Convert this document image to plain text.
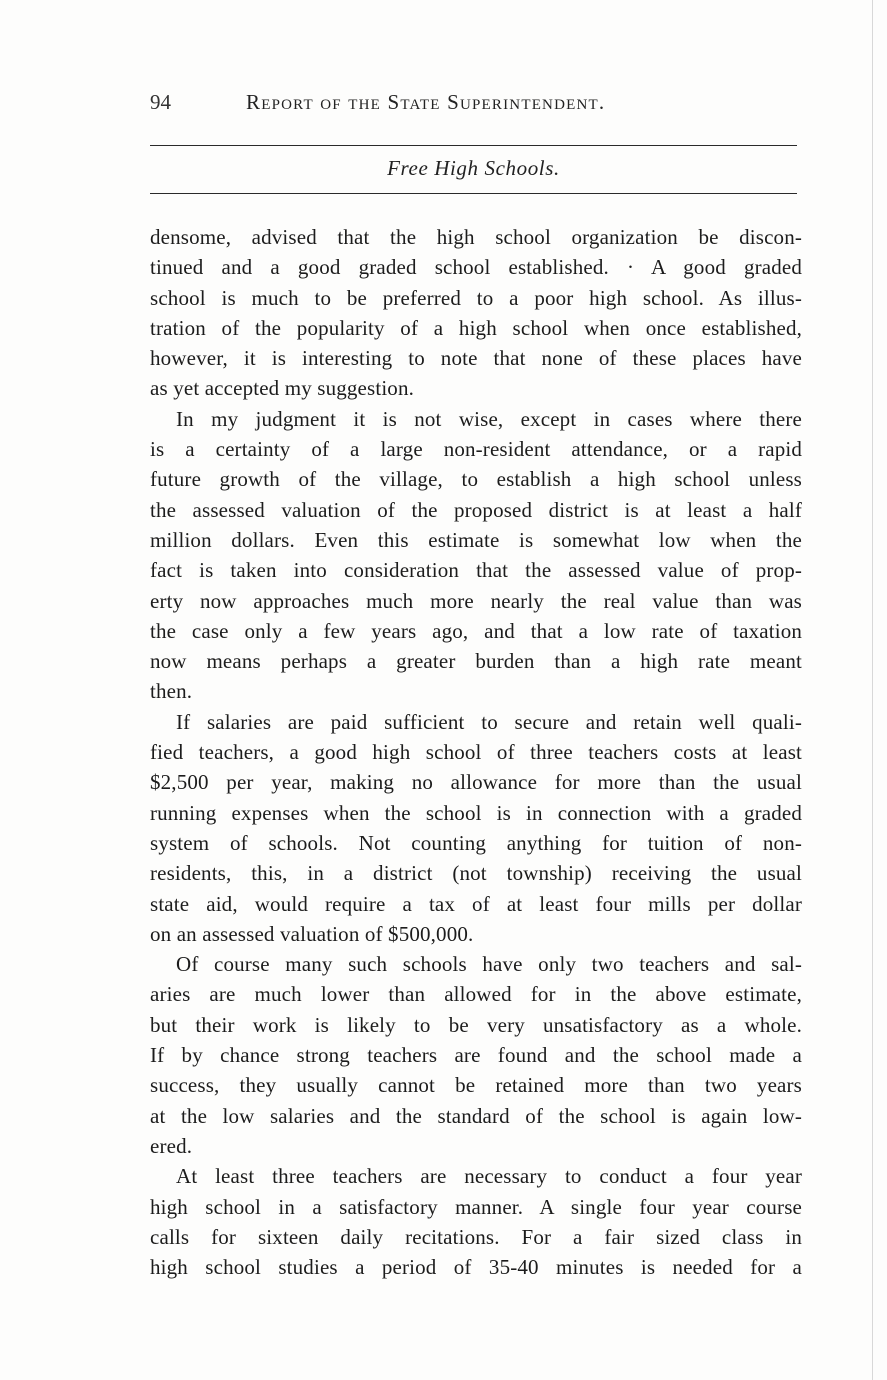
94	Report of the State Superintendent.
Free High Schools.
densome, advised that the high school organization be discon-
tinued and a good graded school established. · A good graded
school is much to be preferred to a poor high school. As illus-
tration of the popularity of a high school when once established,
however, it is interesting to note that none of these places have
as yet accepted my suggestion.
In my judgment it is not wise, except in cases where there
is a certainty of a large non-resident attendance, or a rapid
future growth of the village, to establish a high school unless
the assessed valuation of the proposed district is at least a half
million dollars. Even this estimate is somewhat low when the
fact is taken into consideration that the assessed value of prop-
erty now approaches much more nearly the real value than was
the case only a few years ago, and that a low rate of taxation
now means perhaps a greater burden than a high rate meant
then.
If salaries are paid sufficient to secure and retain well quali-
fied teachers, a good high school of three teachers costs at least
$2,500 per year, making no allowance for more than the usual
running expenses when the school is in connection with a graded
system of schools. Not counting anything for tuition of non-
residents, this, in a district (not township) receiving the usual
state aid, would require a tax of at least four mills per dollar
on an assessed valuation of $500,000.
Of course many such schools have only two teachers and sal-
aries are much lower than allowed for in the above estimate,
but their work is likely to be very unsatisfactory as a whole.
If by chance strong teachers are found and the school made a
success, they usually cannot be retained more than two years
at the low salaries and the standard of the school is again low-
ered.
At least three teachers are necessary to conduct a four year
high school in a satisfactory manner. A single four year course
calls for sixteen daily recitations. For a fair sized class in
high school studies a period of 35-40 minutes is needed for a
